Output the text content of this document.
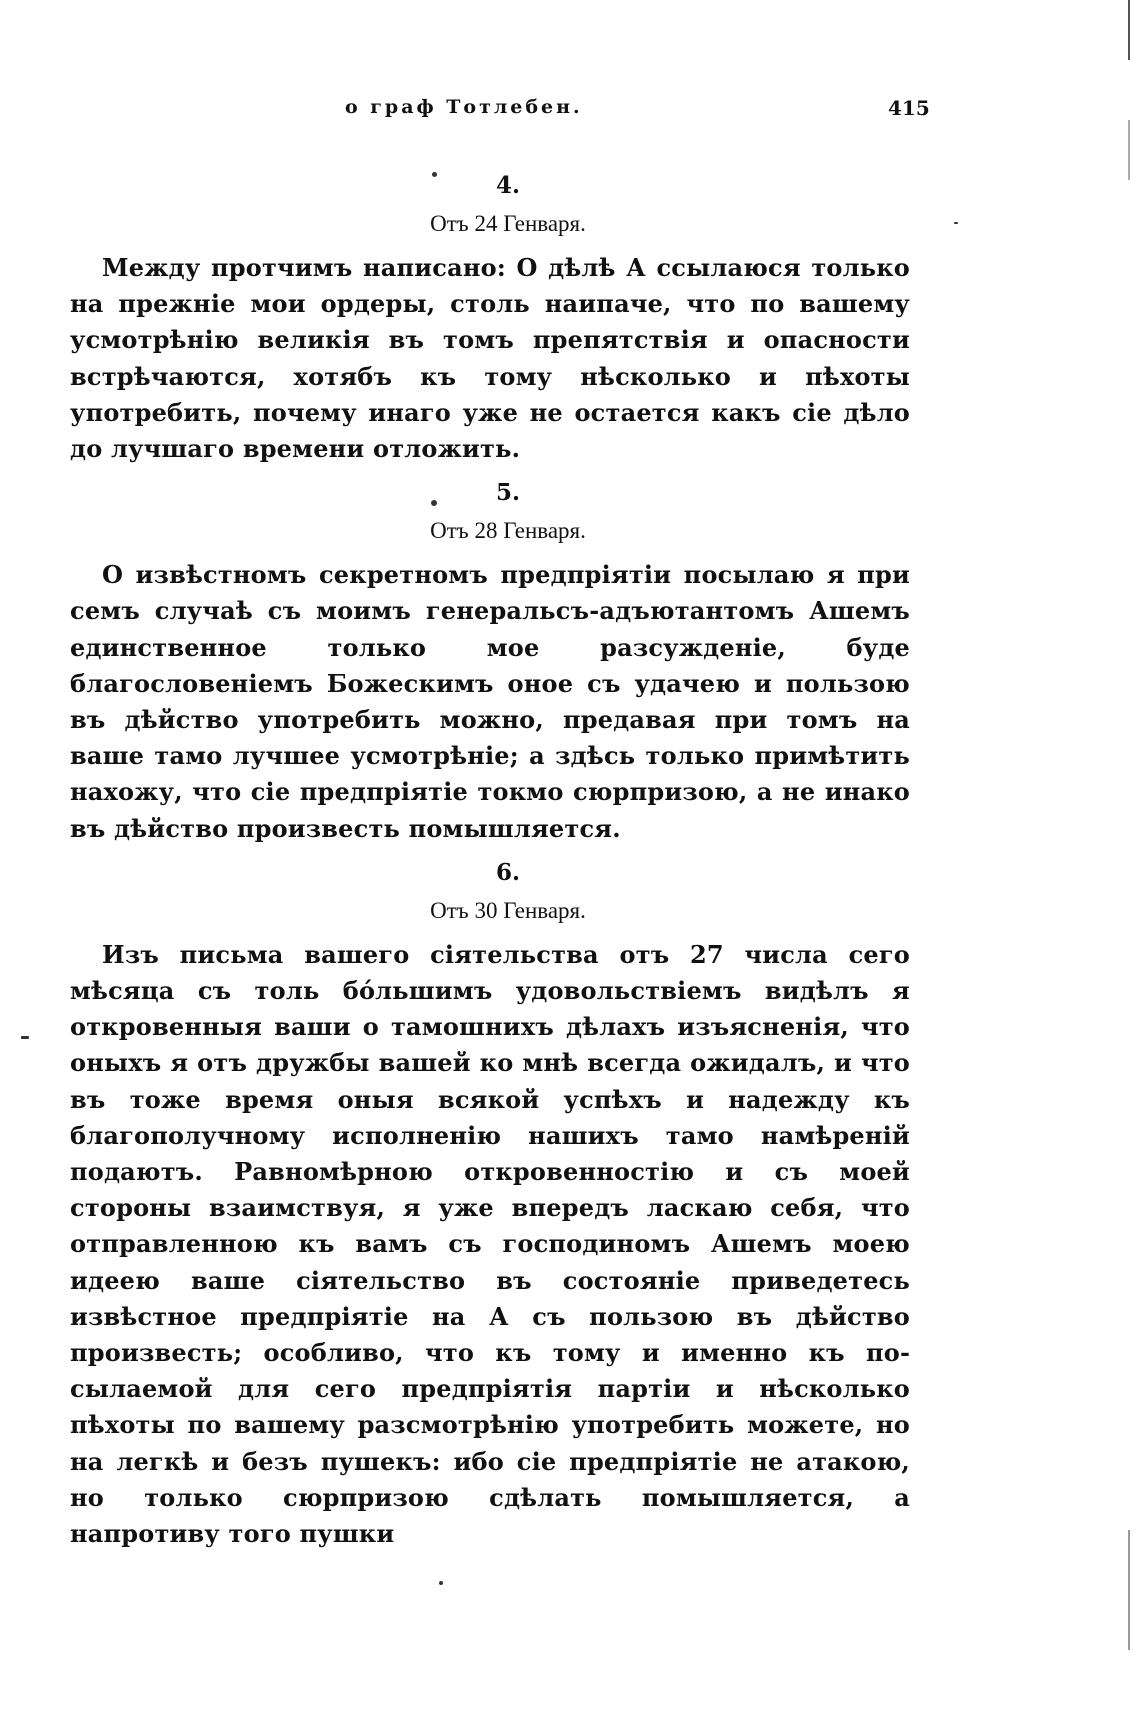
о граф Тотлебен.	415
4.
Отъ 24 Генваря.

Между протчимъ написано: О дѣлѣ А ссылаюся только на прежніе мои ордеры, столь наипаче, что по вашему усмотрѣнію великія въ томъ препятствія и опасности встрѣчаются, хотябъ къ тому нѣсколько и пѣхоты употребить, почему инаго уже не остается какъ сіе дѣло до лучшаго времени отложить.

5.
Отъ 28 Генваря.

О извѣстномъ секретномъ предпріятіи посылаю я при семъ случаѣ съ моимъ генеральсъ-адъютантомъ Ашемъ единственное только мое разсужденіе, буде благословеніемъ Божескимъ оное съ удачею и пользою въ дѣйство употребить можно, предавая при томъ на ваше тамо лучшее усмотрѣніе; а здѣсь только примѣтить нахожу, что сіе предпріятіе токмо сюрпризою, а не инако въ дѣйство произвесть помышляется.

6.
Отъ 30 Генваря.

Изъ письма вашего сіятельства отъ 27 числа сего мѣсяца съ толь бóльшимъ удовольствіемъ видѣлъ я откровенныя ваши о тамошнихъ дѣлахъ изъясненія, что оныхъ я отъ дружбы вашей ко мнѣ всегда ожидалъ, и что въ тоже время оныя всякой успѣхъ и надежду къ благополучному исполненію нашихъ тамо намѣреній подаютъ. Равномѣрною откровенностію и съ моей стороны взаимствуя, я уже впередъ ласкаю себя, что отправленною къ вамъ съ господиномъ Ашемъ моею идеею ваше сіятельство въ состояніе приведетесь извѣстное предпріятіе на А съ пользою въ дѣйство произвесть; особливо, что къ тому и именно къ посылаемой для сего предпріятія партіи и нѣсколько пѣхоты по вашему разсмотрѣнію употребить можете, но на легкѣ и безъ пушекъ: ибо сіе предпріятіе не атакою, но только сюрпризою сдѣлать помышляется, а напротиву того пушки
